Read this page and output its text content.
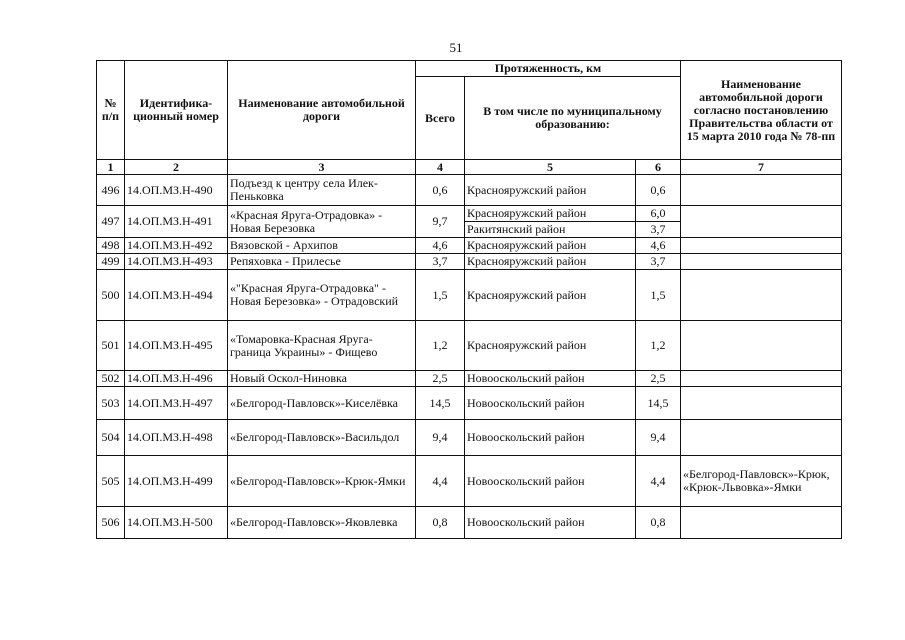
51
№ п/п	Идентифика-ционный номер	Наименование автомобильной дороги	Протяженность, км			Наименование автомобильной дороги согласно постановлению Правительства области от 15 марта 2010 года № 78-пп
			Всего	В том числе по муниципальному образованию:		
1	2	3	4	5	6	7
496	14.ОП.МЗ.Н-490	Подъезд к центру села Илек-Пеньковка	0,6	Краснояружский район	0,6	
497	14.ОП.МЗ.Н-491	«Красная Яруга-Отрадовка» - Новая Березовка	9,7	Краснояружский район	6,0	
				Ракитянский район	3,7	
498	14.ОП.МЗ.Н-492	Вязовской - Архипов	4,6	Краснояружский район	4,6	
499	14.ОП.МЗ.Н-493	Репяховка - Прилесье	3,7	Краснояружский район	3,7	
500	14.ОП.МЗ.Н-494	«"Красная Яруга-Отрадовка" - Новая Березовка» - Отрадовский	1,5	Краснояружский район	1,5	
501	14.ОП.МЗ.Н-495	«Томаровка-Красная Яруга-граница Украины» - Фищево	1,2	Краснояружский район	1,2	
502	14.ОП.МЗ.Н-496	Новый Оскол-Ниновка	2,5	Новооскольский район	2,5	
503	14.ОП.МЗ.Н-497	«Белгород-Павловск»-Киселёвка	14,5	Новооскольский район	14,5	
504	14.ОП.МЗ.Н-498	«Белгород-Павловск»-Васильдол	9,4	Новооскольский район	9,4	
505	14.ОП.МЗ.Н-499	«Белгород-Павловск»-Крюк-Ямки	4,4	Новооскольский район	4,4	«Белгород-Павловск»-Крюк, «Крюк-Львовка»-Ямки
506	14.ОП.МЗ.Н-500	«Белгород-Павловск»-Яковлевка	0,8	Новооскольский район	0,8	
